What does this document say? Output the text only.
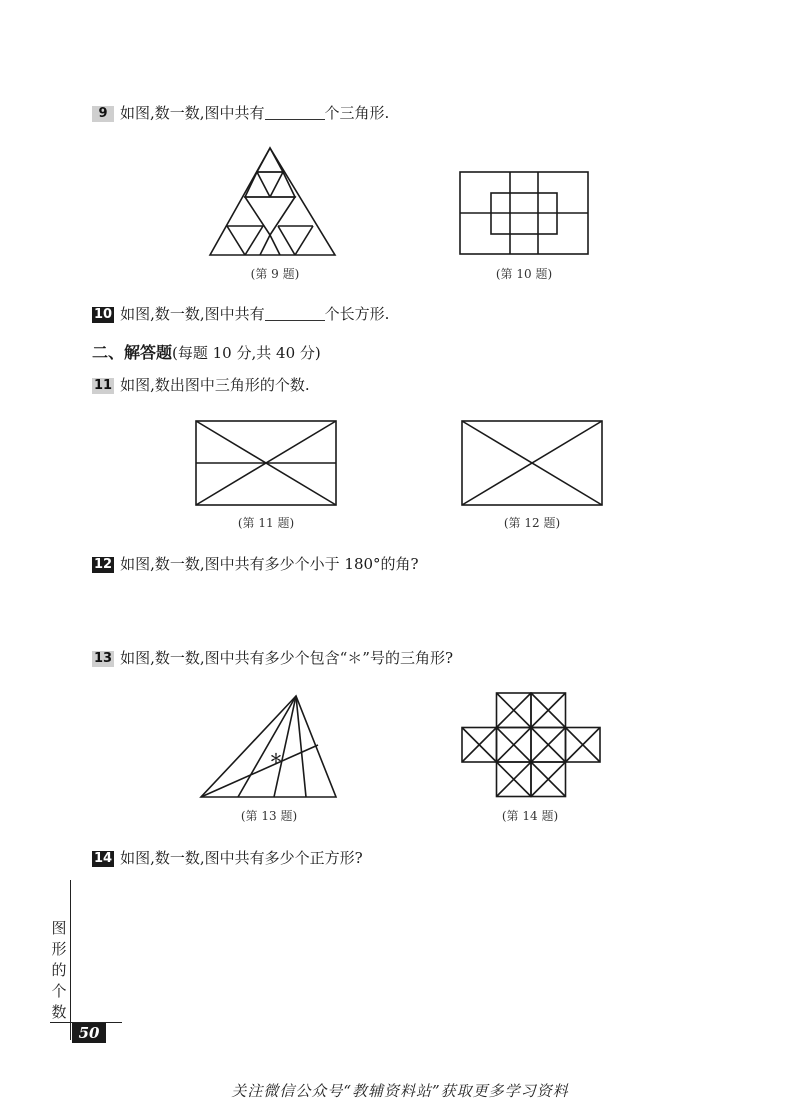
9 如图,数一数,图中共有	个三角形.
(第 9 题)	(第 10 题)
10 如图,数一数,图中共有	个长方形.
二、解答题(每题 10 分,共 40 分)
11 如图,数出图中三角形的个数.
(第 11 题)	(第 12 题)
12 如图,数一数,图中共有多少个小于 180°的角?
13 如图,数一数,图中共有多少个包含“＊”号的三角形?
＊
(第 13 题)	(第 14 题)
14 如图,数一数,图中共有多少个正方形?
图
形
的
个
数
50
关注微信公众号“教辅资料站”获取更多学习资料
